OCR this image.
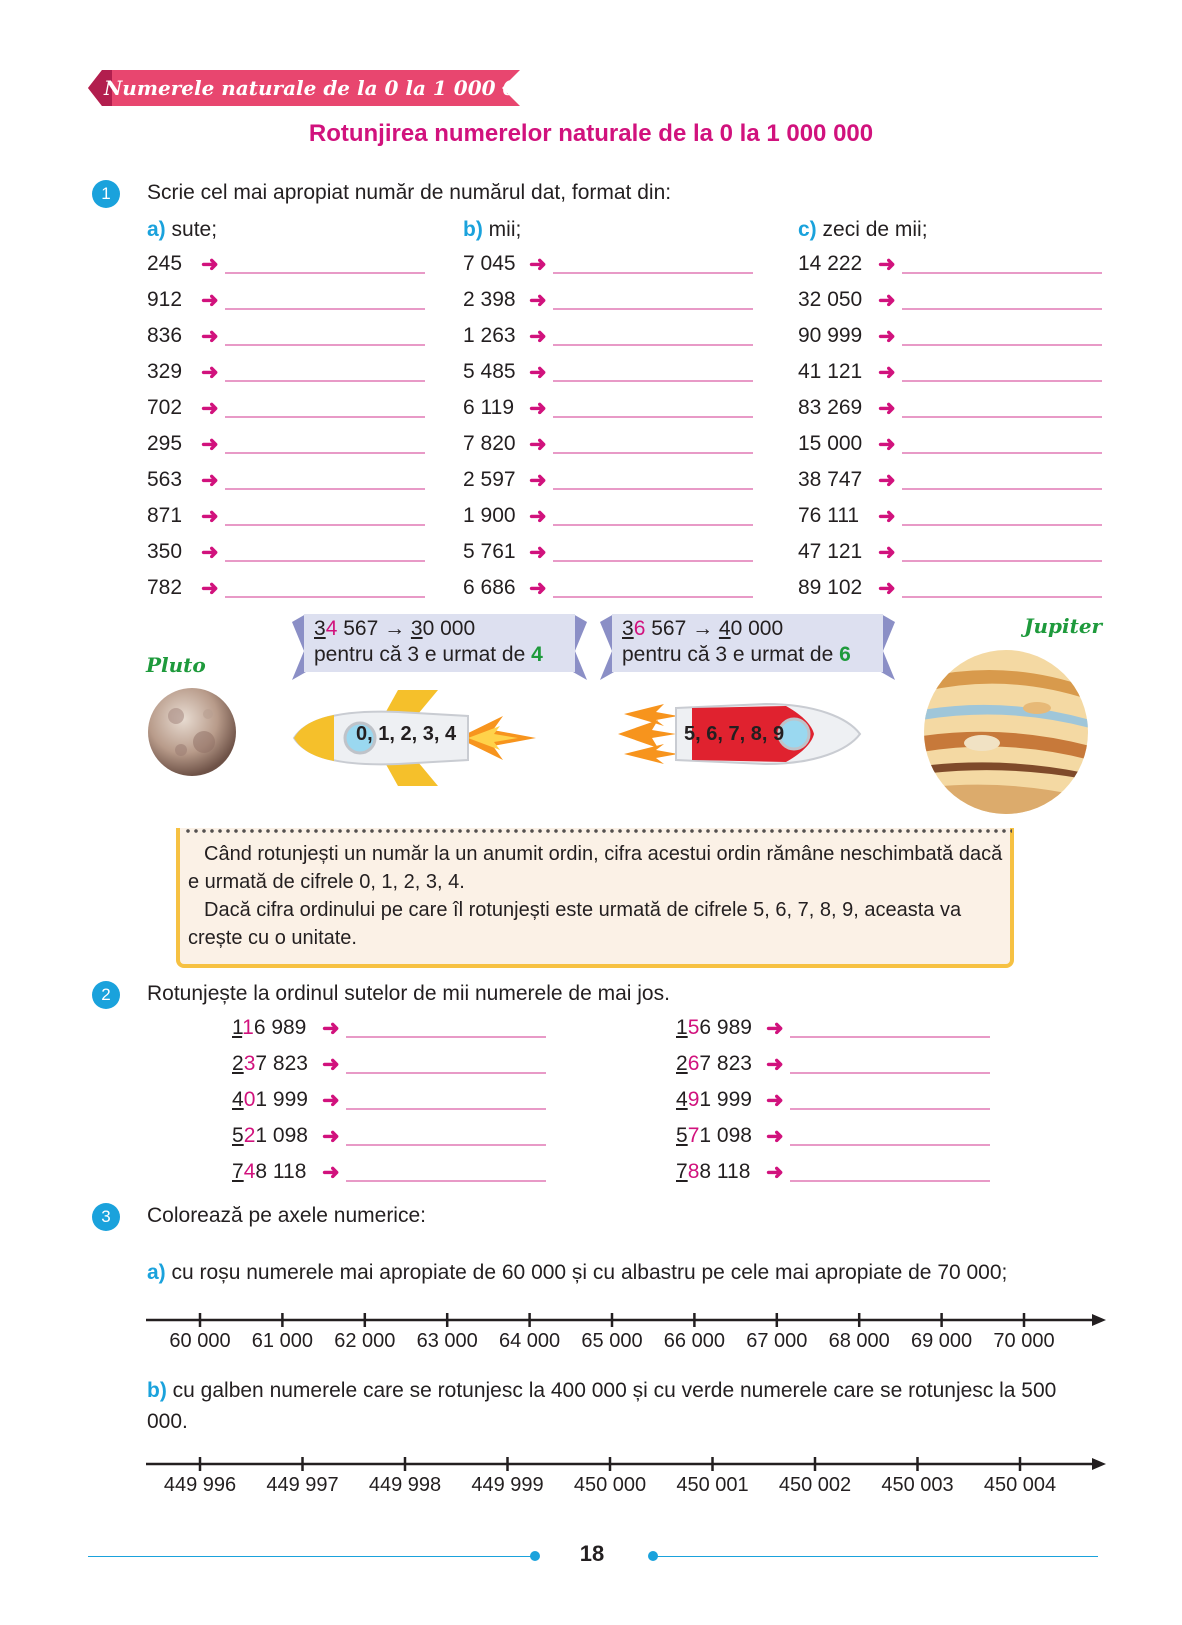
Numerele naturale de la 0 la 1 000 000
Rotunjirea numerelor naturale de la 0 la 1 000 000
1	Scrie cel mai apropiat număr de numărul dat, format din:
a) sute;
245 ➜
912 ➜
836 ➜
329 ➜
702 ➜
295 ➜
563 ➜
871 ➜
350 ➜
782 ➜
b) mii;
7 045 ➜
2 398 ➜
1 263 ➜
5 485 ➜
6 119 ➜
7 820 ➜
2 597 ➜
1 900 ➜
5 761 ➜
6 686 ➜
c) zeci de mii;
14 222 ➜
32 050 ➜
90 999 ➜
41 121 ➜
83 269 ➜
15 000 ➜
38 747 ➜
76 111 ➜
47 121 ➜
89 102 ➜
34 567 → 30 000
pentru că 3 e urmat de 4
36 567 → 40 000
pentru că 3 e urmat de 6
Pluto
Jupiter
0, 1, 2, 3, 4	5, 6, 7, 8, 9
Când rotunjești un număr la un anumit ordin, cifra acestui ordin rămâne neschimbată dacă e urmată de cifrele 0, 1, 2, 3, 4.
Dacă cifra ordinului pe care îl rotunjești este urmată de cifrele 5, 6, 7, 8, 9, aceasta va crește cu o unitate.
2	Rotunjește la ordinul sutelor de mii numerele de mai jos.
116 989 ➜
237 823 ➜
401 999 ➜
521 098 ➜
748 118 ➜
156 989 ➜
267 823 ➜
491 999 ➜
571 098 ➜
788 118 ➜
3	Colorează pe axele numerice:
a) cu roșu numerele mai apropiate de 60 000 și cu albastru pe cele mai apropiate de 70 000;
60 000 61 000 62 000 63 000 64 000 65 000 66 000 67 000 68 000 69 000 70 000
b) cu galben numerele care se rotunjesc la 400 000 și cu verde numerele care se rotunjesc la 500 000.
449 996 449 997 449 998 449 999 450 000 450 001 450 002 450 003 450 004
18
